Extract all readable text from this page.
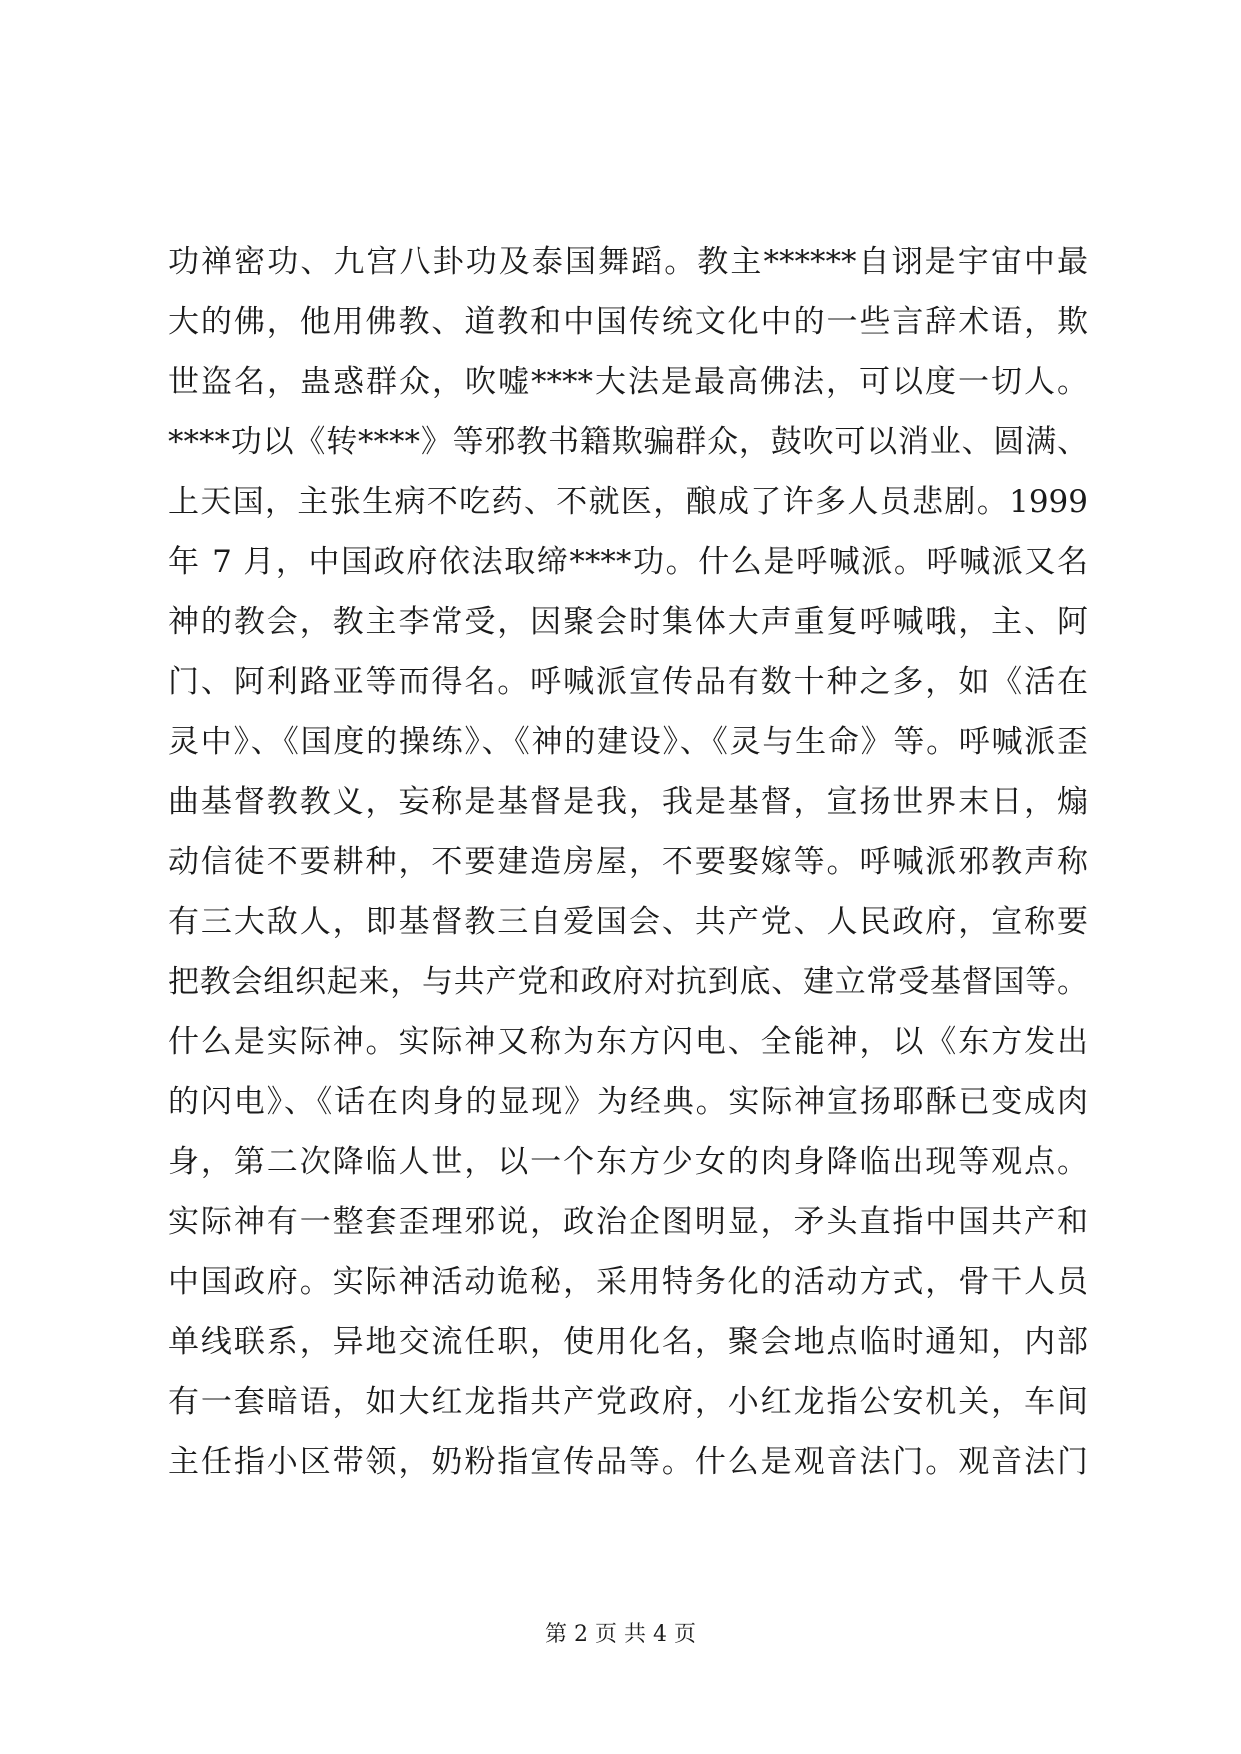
功禅密功、九宫八卦功及泰国舞蹈。教主******自诩是宇宙中最
大的佛，他用佛教、道教和中国传统文化中的一些言辞术语，欺
世盗名，蛊惑群众，吹嘘****大法是最高佛法，可以度一切人。
****功以《转****》等邪教书籍欺骗群众，鼓吹可以消业、圆满、
上天国，主张生病不吃药、不就医，酿成了许多人员悲剧。1999
年 7 月，中国政府依法取缔****功。什么是呼喊派。呼喊派又名
神的教会，教主李常受，因聚会时集体大声重复呼喊哦，主、阿
门、阿利路亚等而得名。呼喊派宣传品有数十种之多，如《活在
灵中》、《国度的操练》、《神的建设》、《灵与生命》等。呼喊派歪
曲基督教教义，妄称是基督是我，我是基督，宣扬世界末日，煽
动信徒不要耕种，不要建造房屋，不要娶嫁等。呼喊派邪教声称
有三大敌人，即基督教三自爱国会、共产党、人民政府，宣称要
把教会组织起来，与共产党和政府对抗到底、建立常受基督国等。
什么是实际神。实际神又称为东方闪电、全能神，以《东方发出
的闪电》、《话在肉身的显现》为经典。实际神宣扬耶酥已变成肉
身，第二次降临人世，以一个东方少女的肉身降临出现等观点。
实际神有一整套歪理邪说，政治企图明显，矛头直指中国共产和
中国政府。实际神活动诡秘，采用特务化的活动方式，骨干人员
单线联系，异地交流任职，使用化名，聚会地点临时通知，内部
有一套暗语，如大红龙指共产党政府，小红龙指公安机关，车间
主任指小区带领，奶粉指宣传品等。什么是观音法门。观音法门
第 2 页 共 4 页
